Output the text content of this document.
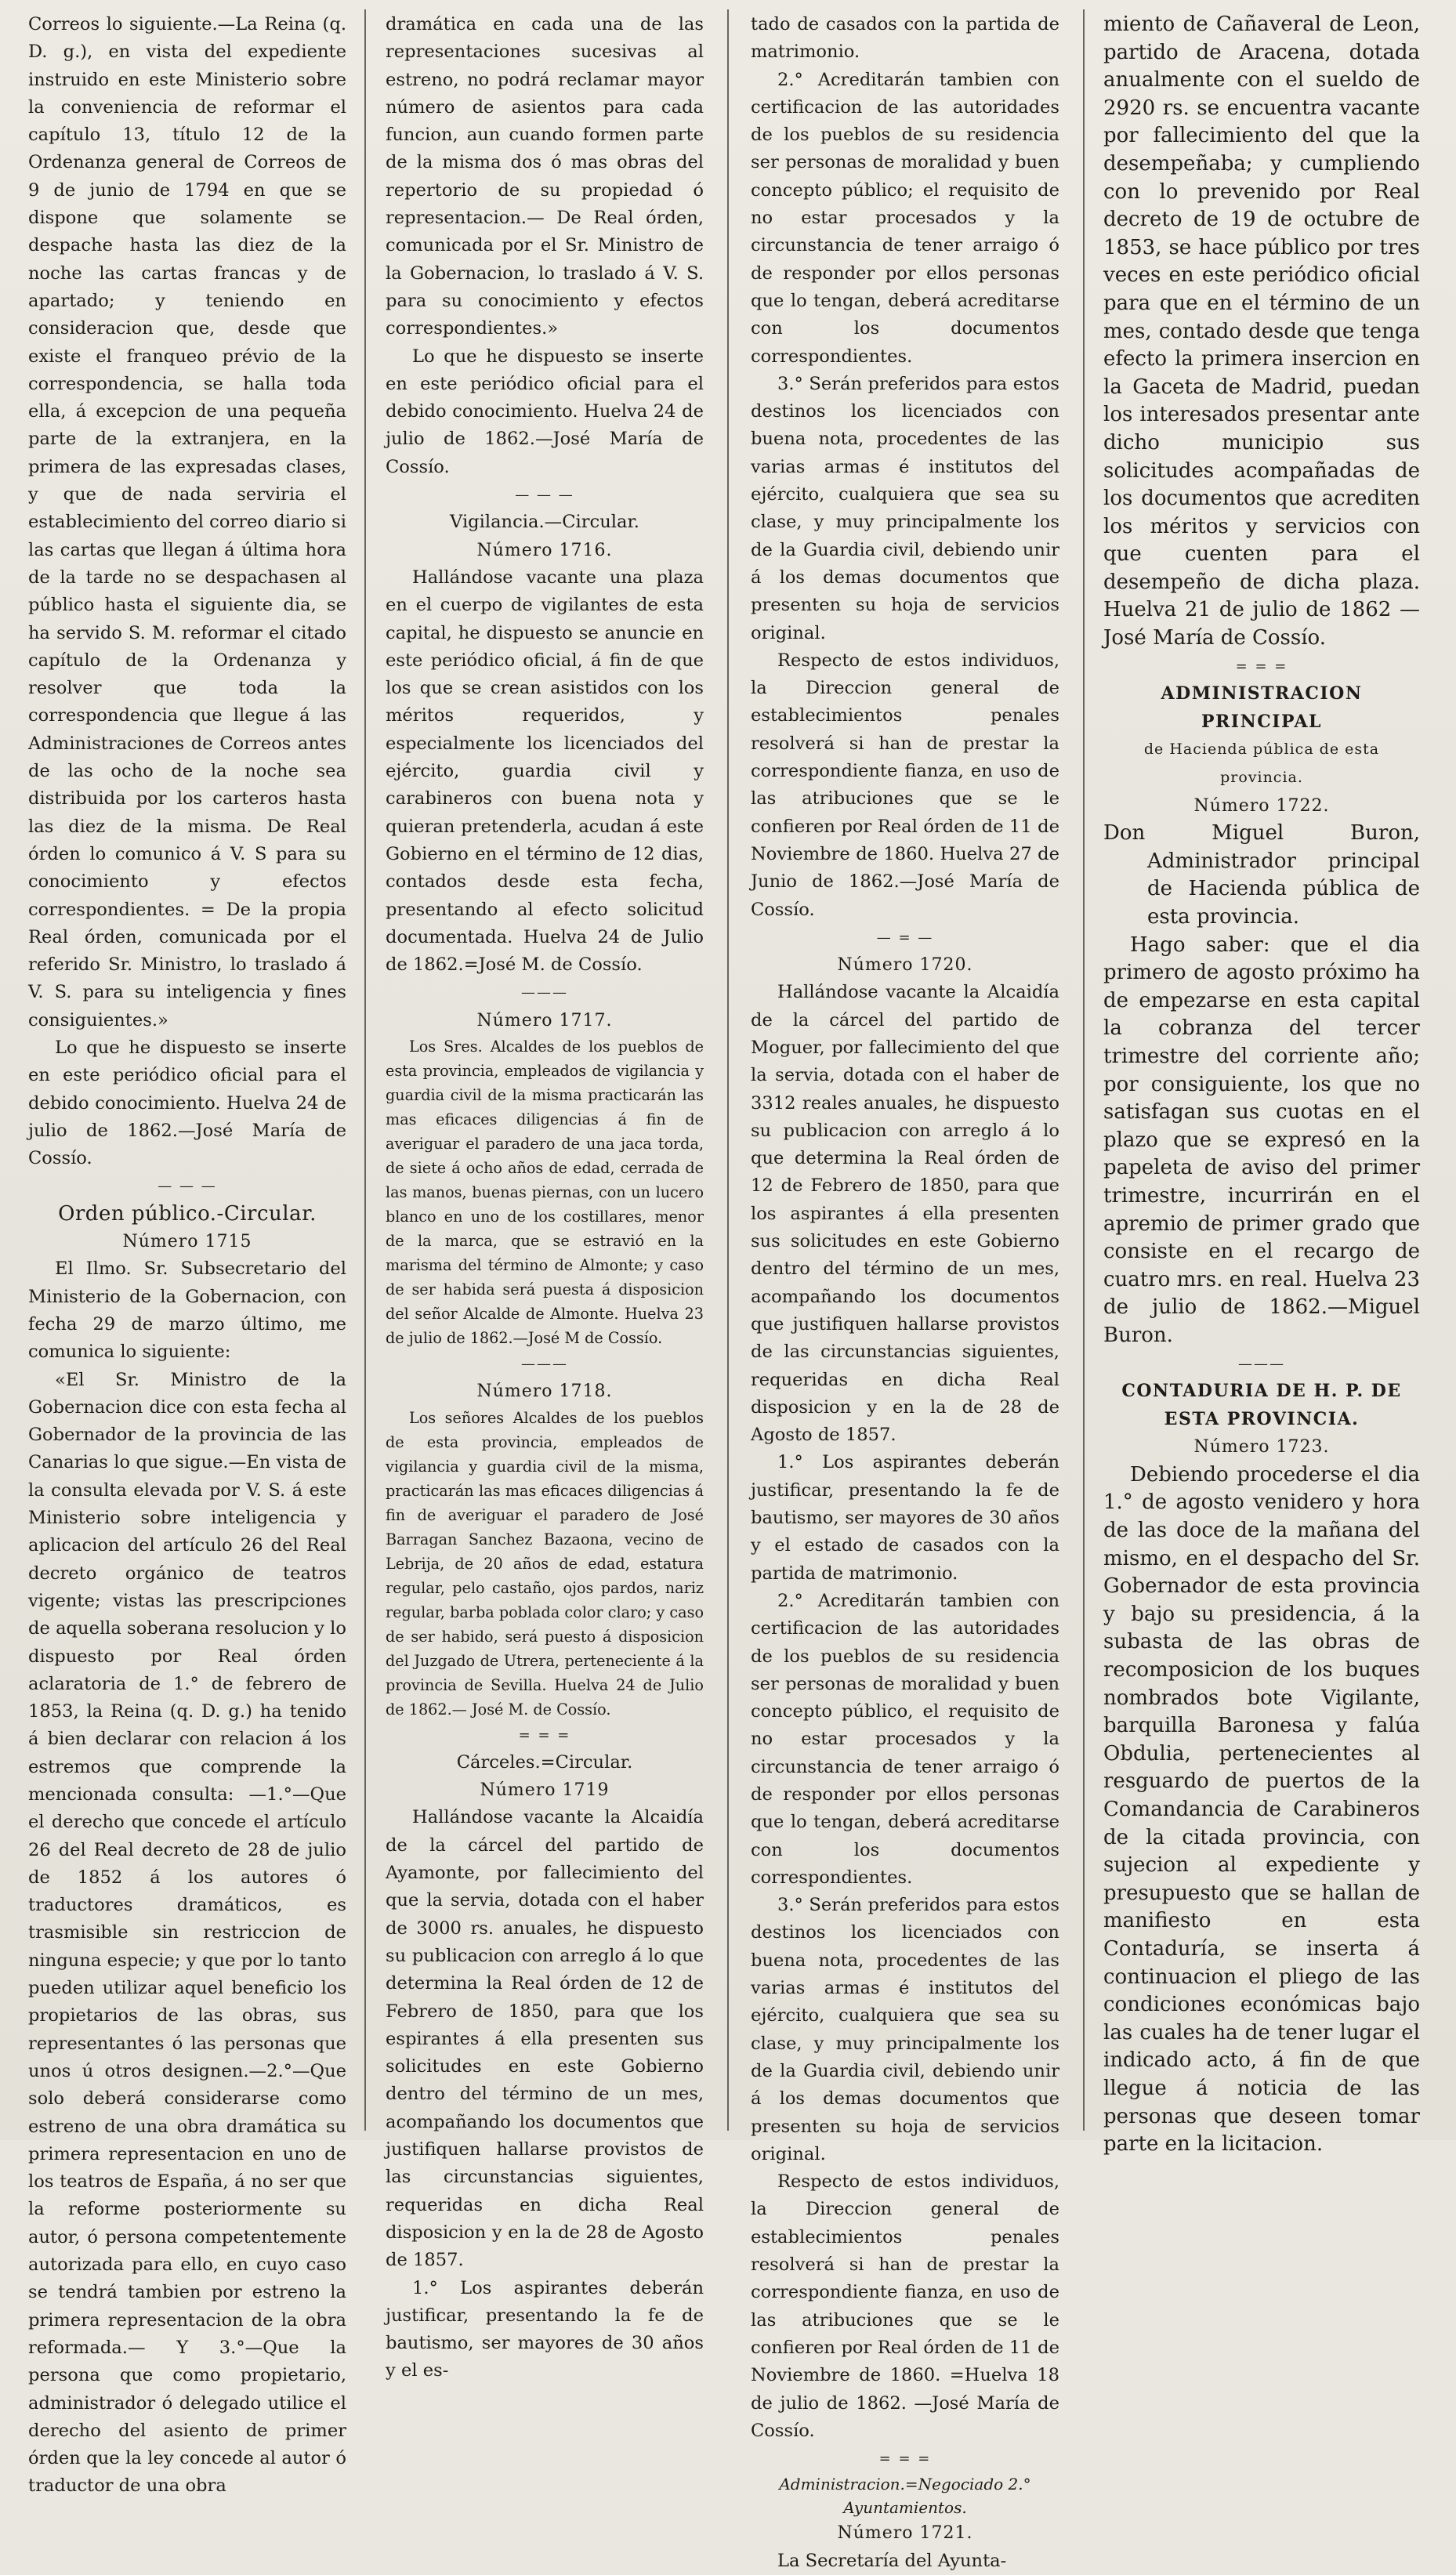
Correos lo siguiente.—La Reina (q. D. g.), en vista del expediente instruido en este Ministerio sobre la conveniencia de reformar el capítulo 13, título 12 de la Ordenanza general de Correos de 9 de junio de 1794 en que se dispone que solamente se despache hasta las diez de la noche las cartas francas y de apartado; y teniendo en consideracion que, desde que existe el franqueo prévio de la correspondencia, se halla toda ella, á excepcion de una pequeña parte de la extranjera, en la primera de las expresadas clases, y que de nada serviria el establecimiento del correo diario si las cartas que llegan á última hora de la tarde no se despachasen al público hasta el siguiente dia, se ha servido S. M. reformar el citado capítulo de la Ordenanza y resolver que toda la correspondencia que llegue á las Administraciones de Correos antes de las ocho de la noche sea distribuida por los carteros hasta las diez de la misma. De Real órden lo comunico á V. S para su conocimiento y efectos correspondientes. = De la propia Real órden, comunicada por el referido Sr. Ministro, lo traslado á V. S. para su inteligencia y fines consiguientes.»

Lo que he dispuesto se inserte en este periódico oficial para el debido conocimiento. Huelva 24 de julio de 1862.—José María de Cossío.

— — —

Orden público.-Circular.

Número 1715

El Ilmo. Sr. Subsecretario del Ministerio de la Gobernacion, con fecha 29 de marzo último, me comunica lo siguiente:

«El Sr. Ministro de la Gobernacion dice con esta fecha al Gobernador de la provincia de las Canarias lo que sigue.—En vista de la consulta elevada por V. S. á este Ministerio sobre inteligencia y aplicacion del artículo 26 del Real decreto orgánico de teatros vigente; vistas las prescripciones de aquella soberana resolucion y lo dispuesto por Real órden aclaratoria de 1.° de febrero de 1853, la Reina (q. D. g.) ha tenido á bien declarar con relacion á los estremos que comprende la mencionada consulta: —1.°—Que el derecho que concede el artículo 26 del Real decreto de 28 de julio de 1852 á los autores ó traductores dramáticos, es trasmisible sin restriccion de ninguna especie; y que por lo tanto pueden utilizar aquel beneficio los propietarios de las obras, sus representantes ó las personas que unos ú otros designen.—2.°—Que solo deberá considerarse como estreno de una obra dramática su primera representacion en uno de los teatros de España, á no ser que la reforme posteriormente su autor, ó persona competentemente autorizada para ello, en cuyo caso se tendrá tambien por estreno la primera representacion de la obra reformada.— Y 3.°—Que la persona que como propietario, administrador ó delegado utilice el derecho del asiento de primer órden que la ley concede al autor ó traductor de una obra

dramática en cada una de las representaciones sucesivas al estreno, no podrá reclamar mayor número de asientos para cada funcion, aun cuando formen parte de la misma dos ó mas obras del repertorio de su propiedad ó representacion.— De Real órden, comunicada por el Sr. Ministro de la Gobernacion, lo traslado á V. S. para su conocimiento y efectos correspondientes.»

Lo que he dispuesto se inserte en este periódico oficial para el debido conocimiento. Huelva 24 de julio de 1862.—José María de Cossío.

— — —

Vigilancia.—Circular.

Número 1716.

Hallándose vacante una plaza en el cuerpo de vigilantes de esta capital, he dispuesto se anuncie en este periódico oficial, á fin de que los que se crean asistidos con los méritos requeridos, y especialmente los licenciados del ejército, guardia civil y carabineros con buena nota y quieran pretenderla, acudan á este Gobierno en el término de 12 dias, contados desde esta fecha, presentando al efecto solicitud documentada. Huelva 24 de Julio de 1862.=José M. de Cossío.

———

Número 1717.

Los Sres. Alcaldes de los pueblos de esta provincia, empleados de vigilancia y guardia civil de la misma practicarán las mas eficaces diligencias á fin de averiguar el paradero de una jaca torda, de siete á ocho años de edad, cerrada de las manos, buenas piernas, con un lucero blanco en uno de los costillares, menor de la marca, que se estravió en la marisma del término de Almonte; y caso de ser habida será puesta á disposicion del señor Alcalde de Almonte. Huelva 23 de julio de 1862.—José M de Cossío.

———

Número 1718.

Los señores Alcaldes de los pueblos de esta provincia, empleados de vigilancia y guardia civil de la misma, practicarán las mas eficaces diligencias á fin de averiguar el paradero de José Barragan Sanchez Bazaona, vecino de Lebrija, de 20 años de edad, estatura regular, pelo castaño, ojos pardos, nariz regular, barba poblada color claro; y caso de ser habido, será puesto á disposicion del Juzgado de Utrera, perteneciente á la provincia de Sevilla. Huelva 24 de Julio de 1862.— José M. de Cossío.

= = =

Cárceles.=Circular.

Número 1719

Hallándose vacante la Alcaidía de la cárcel del partido de Ayamonte, por fallecimiento del que la servia, dotada con el haber de 3000 rs. anuales, he dispuesto su publicacion con arreglo á lo que determina la Real órden de 12 de Febrero de 1850, para que los espirantes á ella presenten sus solicitudes en este Gobierno dentro del término de un mes, acompañando los documentos que justifiquen hallarse provistos de las circunstancias siguientes, requeridas en dicha Real disposicion y en la de 28 de Agosto de 1857.

1.° Los aspirantes deberán justificar, presentando la fe de bautismo, ser mayores de 30 años y el es-

tado de casados con la partida de matrimonio.

2.° Acreditarán tambien con certificacion de las autoridades de los pueblos de su residencia ser personas de moralidad y buen concepto público; el requisito de no estar procesados y la circunstancia de tener arraigo ó de responder por ellos personas que lo tengan, deberá acreditarse con los documentos correspondientes.

3.° Serán preferidos para estos destinos los licenciados con buena nota, procedentes de las varias armas é institutos del ejército, cualquiera que sea su clase, y muy principalmente los de la Guardia civil, debiendo unir á los demas documentos que presenten su hoja de servicios original.

Respecto de estos individuos, la Direccion general de establecimientos penales resolverá si han de prestar la correspondiente fianza, en uso de las atribuciones que se le confieren por Real órden de 11 de Noviembre de 1860. Huelva 27 de Junio de 1862.—José María de Cossío.

— = —

Número 1720.

Hallándose vacante la Alcaidía de la cárcel del partido de Moguer, por fallecimiento del que la servia, dotada con el haber de 3312 reales anuales, he dispuesto su publicacion con arreglo á lo que determina la Real órden de 12 de Febrero de 1850, para que los aspirantes á ella presenten sus solicitudes en este Gobierno dentro del término de un mes, acompañando los documentos que justifiquen hallarse provistos de las circunstancias siguientes, requeridas en dicha Real disposicion y en la de 28 de Agosto de 1857.

1.° Los aspirantes deberán justificar, presentando la fe de bautismo, ser mayores de 30 años y el estado de casados con la partida de matrimonio.

2.° Acreditarán tambien con certificacion de las autoridades de los pueblos de su residencia ser personas de moralidad y buen concepto público, el requisito de no estar procesados y la circunstancia de tener arraigo ó de responder por ellos personas que lo tengan, deberá acreditarse con los documentos correspondientes.

3.° Serán preferidos para estos destinos los licenciados con buena nota, procedentes de las varias armas é institutos del ejército, cualquiera que sea su clase, y muy principalmente los de la Guardia civil, debiendo unir á los demas documentos que presenten su hoja de servicios original.

Respecto de estos individuos, la Direccion general de establecimientos penales resolverá si han de prestar la correspondiente fianza, en uso de las atribuciones que se le confieren por Real órden de 11 de Noviembre de 1860. =Huelva 18 de julio de 1862. —José María de Cossío.

= = =

Administracion.=Negociado 2.° Ayuntamientos.

Número 1721.

La Secretaría del Ayunta-

miento de Cañaveral de Leon, partido de Aracena, dotada anualmente con el sueldo de 2920 rs. se encuentra vacante por fallecimiento del que la desempeñaba; y cumpliendo con lo prevenido por Real decreto de 19 de octubre de 1853, se hace público por tres veces en este periódico oficial para que en el término de un mes, contado desde que tenga efecto la primera insercion en la Gaceta de Madrid, puedan los interesados presentar ante dicho municipio sus solicitudes acompañadas de los documentos que acrediten los méritos y servicios con que cuenten para el desempeño de dicha plaza. Huelva 21 de julio de 1862 —José María de Cossío.

= = =

ADMINISTRACION PRINCIPAL

de Hacienda pública de esta provincia.

Número 1722.

Don Miguel Buron, Administrador principal de Hacienda pública de esta provincia.

Hago saber: que el dia primero de agosto próximo ha de empezarse en esta capital la cobranza del tercer trimestre del corriente año; por consiguiente, los que no satisfagan sus cuotas en el plazo que se expresó en la papeleta de aviso del primer trimestre, incurrirán en el apremio de primer grado que consiste en el recargo de cuatro mrs. en real. Huelva 23 de julio de 1862.—Miguel Buron.

———

CONTADURIA DE H. P. DE ESTA PROVINCIA.

Número 1723.

Debiendo procederse el dia 1.° de agosto venidero y hora de las doce de la mañana del mismo, en el despacho del Sr. Gobernador de esta provincia y bajo su presidencia, á la subasta de las obras de recomposicion de los buques nombrados bote Vigilante, barquilla Baronesa y falúa Obdulia, pertenecientes al resguardo de puertos de la Comandancia de Carabineros de la citada provincia, con sujecion al expediente y presupuesto que se hallan de manifiesto en esta Contaduría, se inserta á continuacion el pliego de las condiciones económicas bajo las cuales ha de tener lugar el indicado acto, á fin de que llegue á noticia de las personas que deseen tomar parte en la licitacion.
